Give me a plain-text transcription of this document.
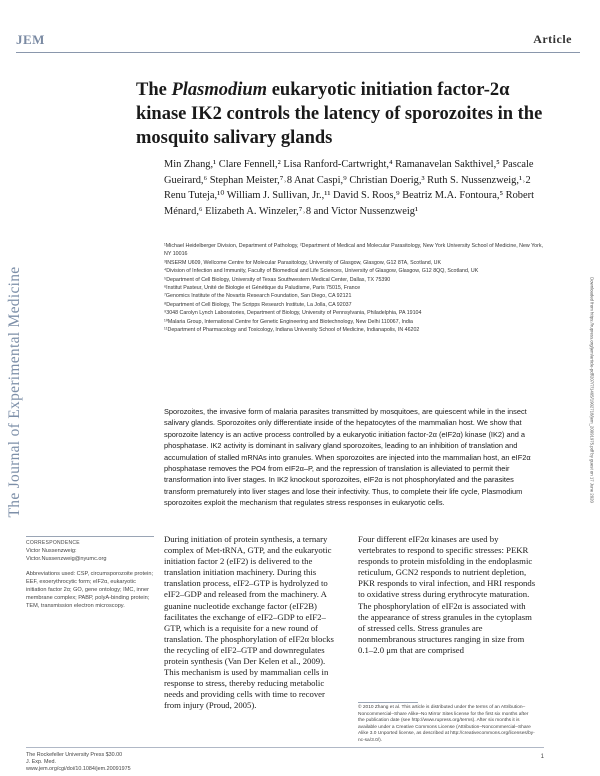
JEM	Article
The Journal of Experimental Medicine	Downloaded from https://rupress.org/jem/article-pdf/207/7/1465/1902718/jem_20091975.pdf by guest on 17 June 2020
The Plasmodium eukaryotic initiation factor-2α kinase IK2 controls the latency of sporozoites in the mosquito salivary glands
Min Zhang,¹ Clare Fennell,² Lisa Ranford-Cartwright,⁴ Ramanavelan Sakthivel,⁵ Pascale Gueirard,⁶ Stephan Meister,⁷˒8 Anat Caspi,⁹ Christian Doerig,³ Ruth S. Nussenzweig,¹˒2 Renu Tuteja,¹⁰ William J. Sullivan, Jr.,¹¹ David S. Roos,⁹ Beatriz M.A. Fontoura,⁵ Robert Ménard,⁶ Elizabeth A. Winzeler,⁷˒8 and Victor Nussenzweig¹
¹Michael Heidelberger Division, Department of Pathology, ²Department of Medical and Molecular Parasitology, New York University School of Medicine, New York, NY 10016
³INSERM U609, Wellcome Centre for Molecular Parasitology, University of Glasgow, Glasgow, G12 8TA, Scotland, UK
⁴Division of Infection and Immunity, Faculty of Biomedical and Life Sciences, University of Glasgow, Glasgow, G12 8QQ, Scotland, UK
⁵Department of Cell Biology, University of Texas Southwestern Medical Center, Dallas, TX 75390
⁶Institut Pasteur, Unité de Biologie et Génétique du Paludisme, Paris 75015, France
⁷Genomics Institute of the Novartis Research Foundation, San Diego, CA 92121
⁸Department of Cell Biology, The Scripps Research Institute, La Jolla, CA 92037
⁹3048 Carolyn Lynch Laboratories, Department of Biology, University of Pennsylvania, Philadelphia, PA 19104
¹⁰Malaria Group, International Centre for Genetic Engineering and Biotechnology, New Delhi 110067, India
¹¹Department of Pharmacology and Toxicology, Indiana University School of Medicine, Indianapolis, IN 46202

Sporozoites, the invasive form of malaria parasites transmitted by mosquitoes, are quiescent while in the insect salivary glands. Sporozoites only differentiate inside of the hepatocytes of the mammalian host. We show that sporozoite latency is an active process controlled by a eukaryotic initiation factor-2α (eIF2α) kinase (IK2) and a phosphatase. IK2 activity is dominant in salivary gland sporozoites, leading to an inhibition of translation and accumulation of stalled mRNAs into granules. When sporozoites are injected into the mammalian host, an eIF2α phosphatase removes the PO4 from eIF2α–P, and the repression of translation is alleviated to permit their transformation into liver stages. In IK2 knockout sporozoites, eIF2α is not phosphorylated and the parasites transform prematurely into liver stages and lose their infectivity. Thus, to complete their life cycle, Plasmodium sporozoites exploit the mechanism that regulates stress responses in eukaryotic cells.

CORRESPONDENCE
Victor Nussenzweig:
Victor.Nussenzweig@nyumc.org
Abbreviations used: CSP, circumsporozoite protein; EEF, exoerythrocytic form; eIF2α, eukaryotic initiation factor 2α; GO, gene ontology; IMC, inner membrane complex; PABP, polyA-binding protein; TEM, transmission electron microscopy.

During initiation of protein synthesis, a ternary complex of Met-tRNA, GTP, and the eukaryotic initiation factor 2 (eIF2) is delivered to the translation initiation machinery. During this translation process, eIF2–GTP is hydrolyzed to eIF2–GDP and released from the machinery. A guanine nucleotide exchange factor (eIF2B) facilitates the exchange of eIF2–GDP to eIF2–GTP, which is a requisite for a new round of translation. The phosphorylation of eIF2α blocks the recycling of eIF2–GTP and downregulates protein synthesis (Van Der Kelen et al., 2009). This mechanism is used by mammalian cells in response to stress, thereby reducing metabolic needs and providing cells with time to recover from injury (Proud, 2005).

Four different eIF2α kinases are used by vertebrates to respond to specific stresses: PEKR responds to protein misfolding in the endoplasmic reticulum, GCN2 responds to nutrient depletion, PKR responds to viral infection, and HRI responds to oxidative stress during erythrocyte maturation. The phosphorylation of eIF2α is associated with the appearance of stress granules in the cytoplasm of stressed cells. Stress granules are nonmembranous structures ranging in size from 0.1–2.0 μm that are comprised

© 2010 Zhang et al. This article is distributed under the terms of an Attribution–Noncommercial–Share Alike–No Mirror Sites license for the first six months after the publication date (see http://www.rupress.org/terms). After six months it is available under a Creative Commons License (Attribution–Noncommercial–Share Alike 3.0 Unported license, as described at http://creativecommons.org/licenses/by-nc-sa/3.0/).
The Rockefeller University Press $30.00
J. Exp. Med.
www.jem.org/cgi/doi/10.1084/jem.20091975
1
